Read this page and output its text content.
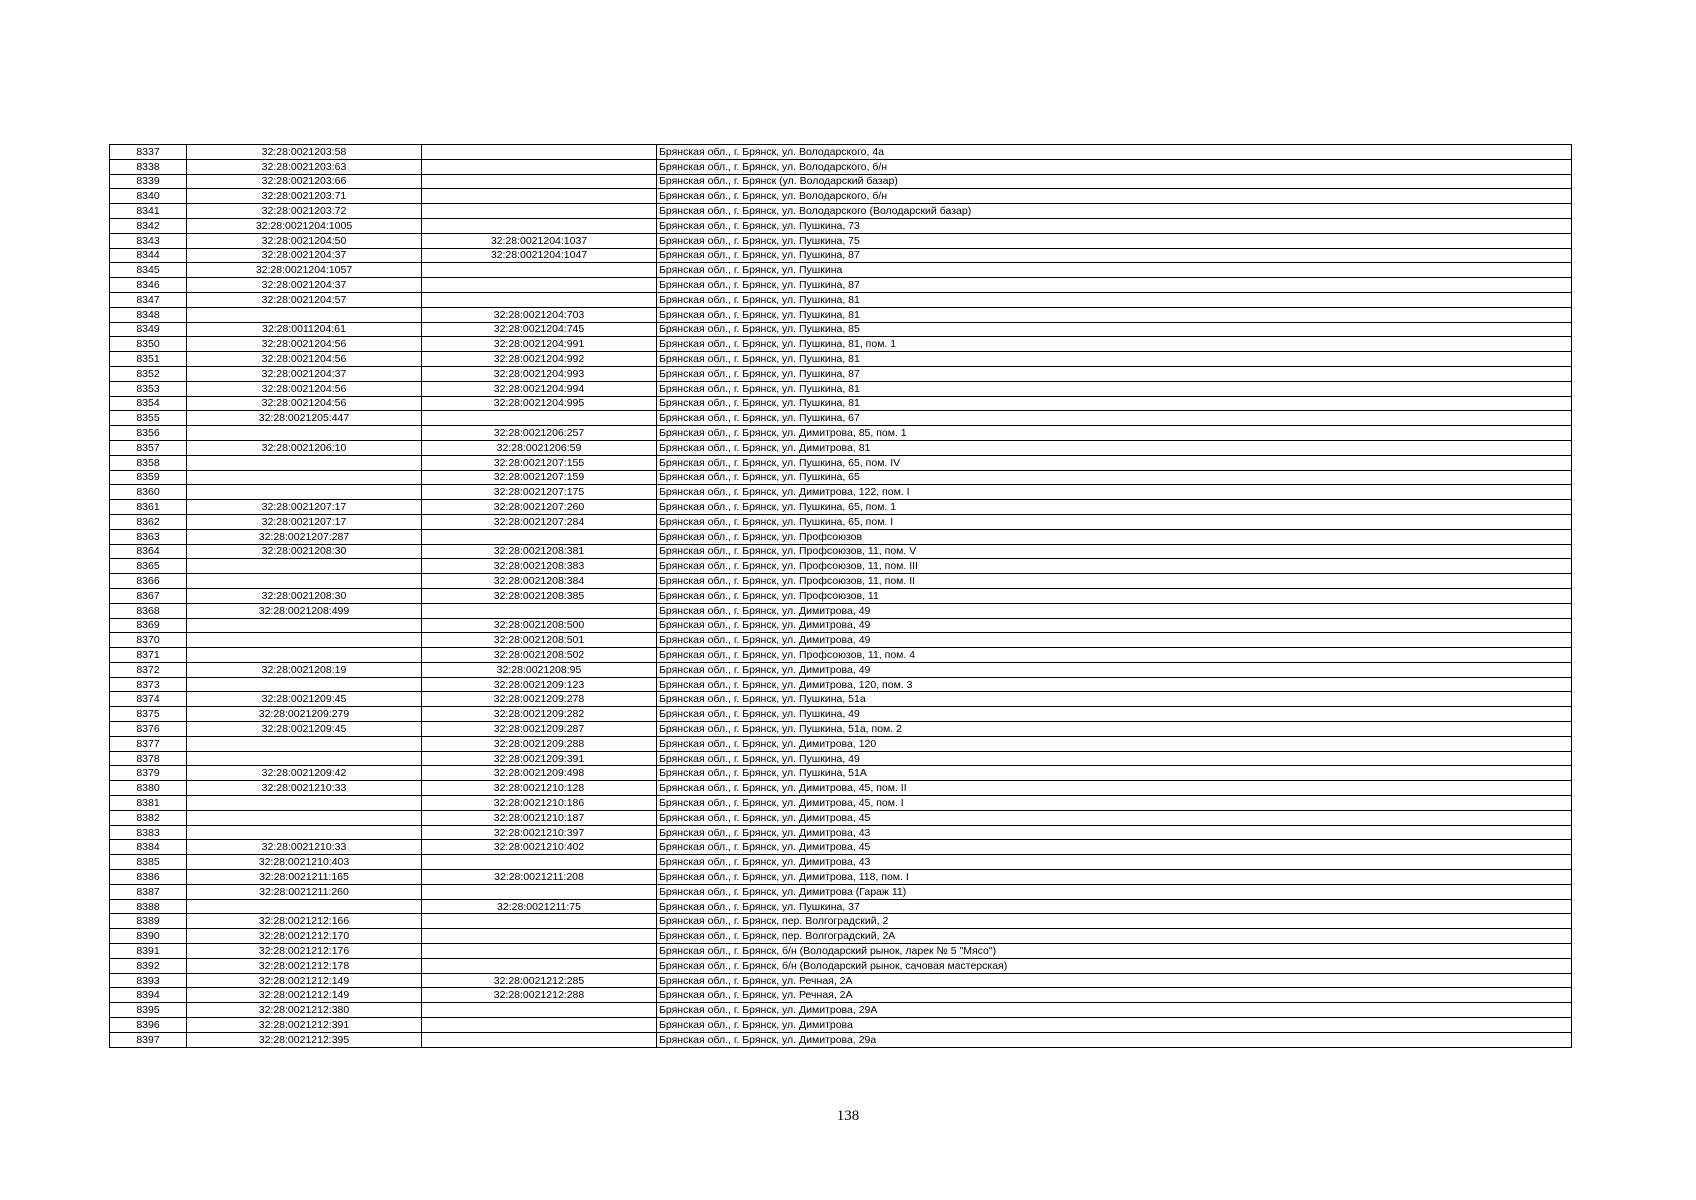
8337	32:28:0021203:58		Брянская обл., г. Брянск, ул. Володарского, 4а
8338	32:28:0021203:63		Брянская обл., г. Брянск, ул. Володарского, б/н
8339	32:28:0021203:66		Брянская обл., г. Брянск (ул. Володарский базар)
8340	32:28:0021203:71		Брянская обл., г. Брянск, ул. Володарского, б/н
8341	32:28:0021203:72		Брянская обл., г. Брянск, ул. Володарского (Володарский базар)
8342	32:28:0021204:1005		Брянская обл., г. Брянск, ул. Пушкина, 73
8343	32:28:0021204:50	32:28:0021204:1037	Брянская обл., г. Брянск, ул. Пушкина, 75
8344	32:28:0021204:37	32:28:0021204:1047	Брянская обл., г. Брянск, ул. Пушкина, 87
8345	32:28:0021204:1057		Брянская обл., г. Брянск, ул. Пушкина
8346	32:28:0021204:37		Брянская обл., г. Брянск, ул. Пушкина, 87
8347	32:28:0021204:57		Брянская обл., г. Брянск, ул. Пушкина, 81
8348		32:28:0021204:703	Брянская обл., г. Брянск, ул. Пушкина, 81
8349	32:28:0011204:61	32:28:0021204:745	Брянская обл., г. Брянск, ул. Пушкина, 85
8350	32:28:0021204:56	32:28:0021204:991	Брянская обл., г. Брянск, ул. Пушкина, 81, пом. 1
8351	32:28:0021204:56	32:28:0021204:992	Брянская обл., г. Брянск, ул. Пушкина, 81
8352	32:28:0021204:37	32:28:0021204:993	Брянская обл., г. Брянск, ул. Пушкина, 87
8353	32:28:0021204:56	32:28:0021204:994	Брянская обл., г. Брянск, ул. Пушкина, 81
8354	32:28:0021204:56	32:28:0021204:995	Брянская обл., г. Брянск, ул. Пушкина, 81
8355	32:28:0021205:447		Брянская обл., г. Брянск, ул. Пушкина, 67
8356		32:28:0021206:257	Брянская обл., г. Брянск, ул. Димитрова, 85, пом. 1
8357	32:28:0021206:10	32:28:0021206:59	Брянская обл., г. Брянск, ул. Димитрова, 81
8358		32:28:0021207:155	Брянская обл., г. Брянск, ул. Пушкина, 65, пом. IV
8359		32:28:0021207:159	Брянская обл., г. Брянск, ул. Пушкина, 65
8360		32:28:0021207:175	Брянская обл., г. Брянск, ул. Димитрова, 122, пом. I
8361	32:28:0021207:17	32:28:0021207:260	Брянская обл., г. Брянск, ул. Пушкина, 65, пом. 1
8362	32:28:0021207:17	32:28:0021207:284	Брянская обл., г. Брянск, ул. Пушкина, 65, пом. I
8363	32:28:0021207:287		Брянская обл., г. Брянск, ул. Профсоюзов
8364	32:28:0021208:30	32:28:0021208:381	Брянская обл., г. Брянск, ул. Профсоюзов, 11, пом. V
8365		32:28:0021208:383	Брянская обл., г. Брянск, ул. Профсоюзов, 11, пом. III
8366		32:28:0021208:384	Брянская обл., г. Брянск, ул. Профсоюзов, 11, пом. II
8367	32:28:0021208:30	32:28:0021208:385	Брянская обл., г. Брянск, ул. Профсоюзов, 11
8368	32:28:0021208:499		Брянская обл., г. Брянск, ул. Димитрова, 49
8369		32:28:0021208:500	Брянская обл., г. Брянск, ул. Димитрова, 49
8370		32:28:0021208:501	Брянская обл., г. Брянск, ул. Димитрова, 49
8371		32:28:0021208:502	Брянская обл., г. Брянск, ул. Профсоюзов, 11, пом. 4
8372	32:28:0021208:19	32:28:0021208:95	Брянская обл., г. Брянск, ул. Димитрова, 49
8373		32:28:0021209:123	Брянская обл., г. Брянск, ул. Димитрова, 120, пом. 3
8374	32:28:0021209:45	32:28:0021209:278	Брянская обл., г. Брянск, ул. Пушкина, 51а
8375	32:28:0021209:279	32:28:0021209:282	Брянская обл., г. Брянск, ул. Пушкина, 49
8376	32:28:0021209:45	32:28:0021209:287	Брянская обл., г. Брянск, ул. Пушкина, 51а, пом. 2
8377		32:28:0021209:288	Брянская обл., г. Брянск, ул. Димитрова, 120
8378		32:28:0021209:391	Брянская обл., г. Брянск, ул. Пушкина, 49
8379	32:28:0021209:42	32:28:0021209:498	Брянская обл., г. Брянск, ул. Пушкина, 51А
8380	32:28:0021210:33	32:28:0021210:128	Брянская обл., г. Брянск, ул. Димитрова, 45, пом. II
8381		32:28:0021210:186	Брянская обл., г. Брянск, ул. Димитрова, 45, пом. I
8382		32:28:0021210:187	Брянская обл., г. Брянск, ул. Димитрова, 45
8383		32:28:0021210:397	Брянская обл., г. Брянск, ул. Димитрова, 43
8384	32:28:0021210:33	32:28:0021210:402	Брянская обл., г. Брянск, ул. Димитрова, 45
8385	32:28:0021210:403		Брянская обл., г. Брянск, ул. Димитрова, 43
8386	32:28:0021211:165	32:28:0021211:208	Брянская обл., г. Брянск, ул. Димитрова, 118, пом. I
8387	32:28:0021211:260		Брянская обл., г. Брянск, ул. Димитрова (Гараж 11)
8388		32:28:0021211:75	Брянская обл., г. Брянск, ул. Пушкина, 37
8389	32:28:0021212:166		Брянская обл., г. Брянск, пер. Волгоградский, 2
8390	32:28:0021212:170		Брянская обл., г. Брянск, пер. Волгоградский, 2А
8391	32:28:0021212:176		Брянская обл., г. Брянск, б/н (Володарский рынок, ларек № 5 "Мясо")
8392	32:28:0021212:178		Брянская обл., г. Брянск, б/н (Володарский рынок, сачовая мастерская)
8393	32:28:0021212:149	32:28:0021212:285	Брянская обл., г. Брянск, ул. Речная, 2А
8394	32:28:0021212:149	32:28:0021212:288	Брянская обл., г. Брянск, ул. Речная, 2А
8395	32:28:0021212:380		Брянская обл., г. Брянск, ул. Димитрова, 29А
8396	32:28:0021212:391		Брянская обл., г. Брянск, ул. Димитрова
8397	32:28:0021212:395		Брянская обл., г. Брянск, ул. Димитрова, 29а
138
